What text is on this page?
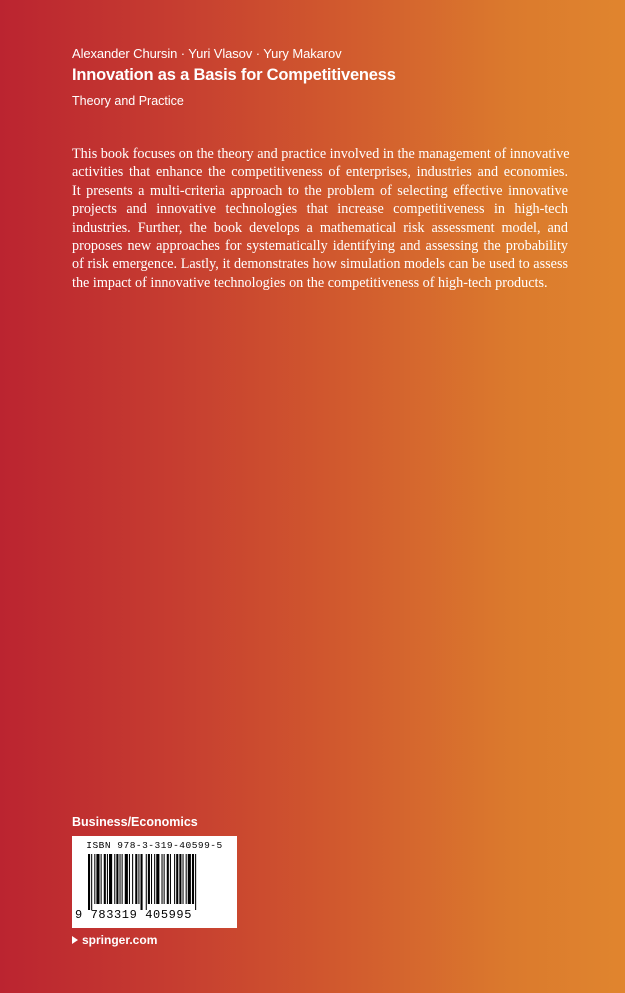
Alexander Chursin · Yuri Vlasov · Yury Makarov
Innovation as a Basis for Competitiveness
Theory and Practice
This book focuses on the theory and practice involved in the management of innovative
activities that enhance the competitiveness of enterprises, industries and economies.
It presents a multi-criteria approach to the problem of selecting effective innovative
projects and innovative technologies that increase competitiveness in high-tech
industries. Further, the book develops a mathematical risk assessment model, and
proposes new approaches for systematically identifying and assessing the probability
of risk emergence. Lastly, it demonstrates how simulation models can be used to assess
the impact of innovative technologies on the competitiveness of high-tech products.
Business/Economics
ISBN 978-3-319-40599-5
9 783319 405995
springer.com
